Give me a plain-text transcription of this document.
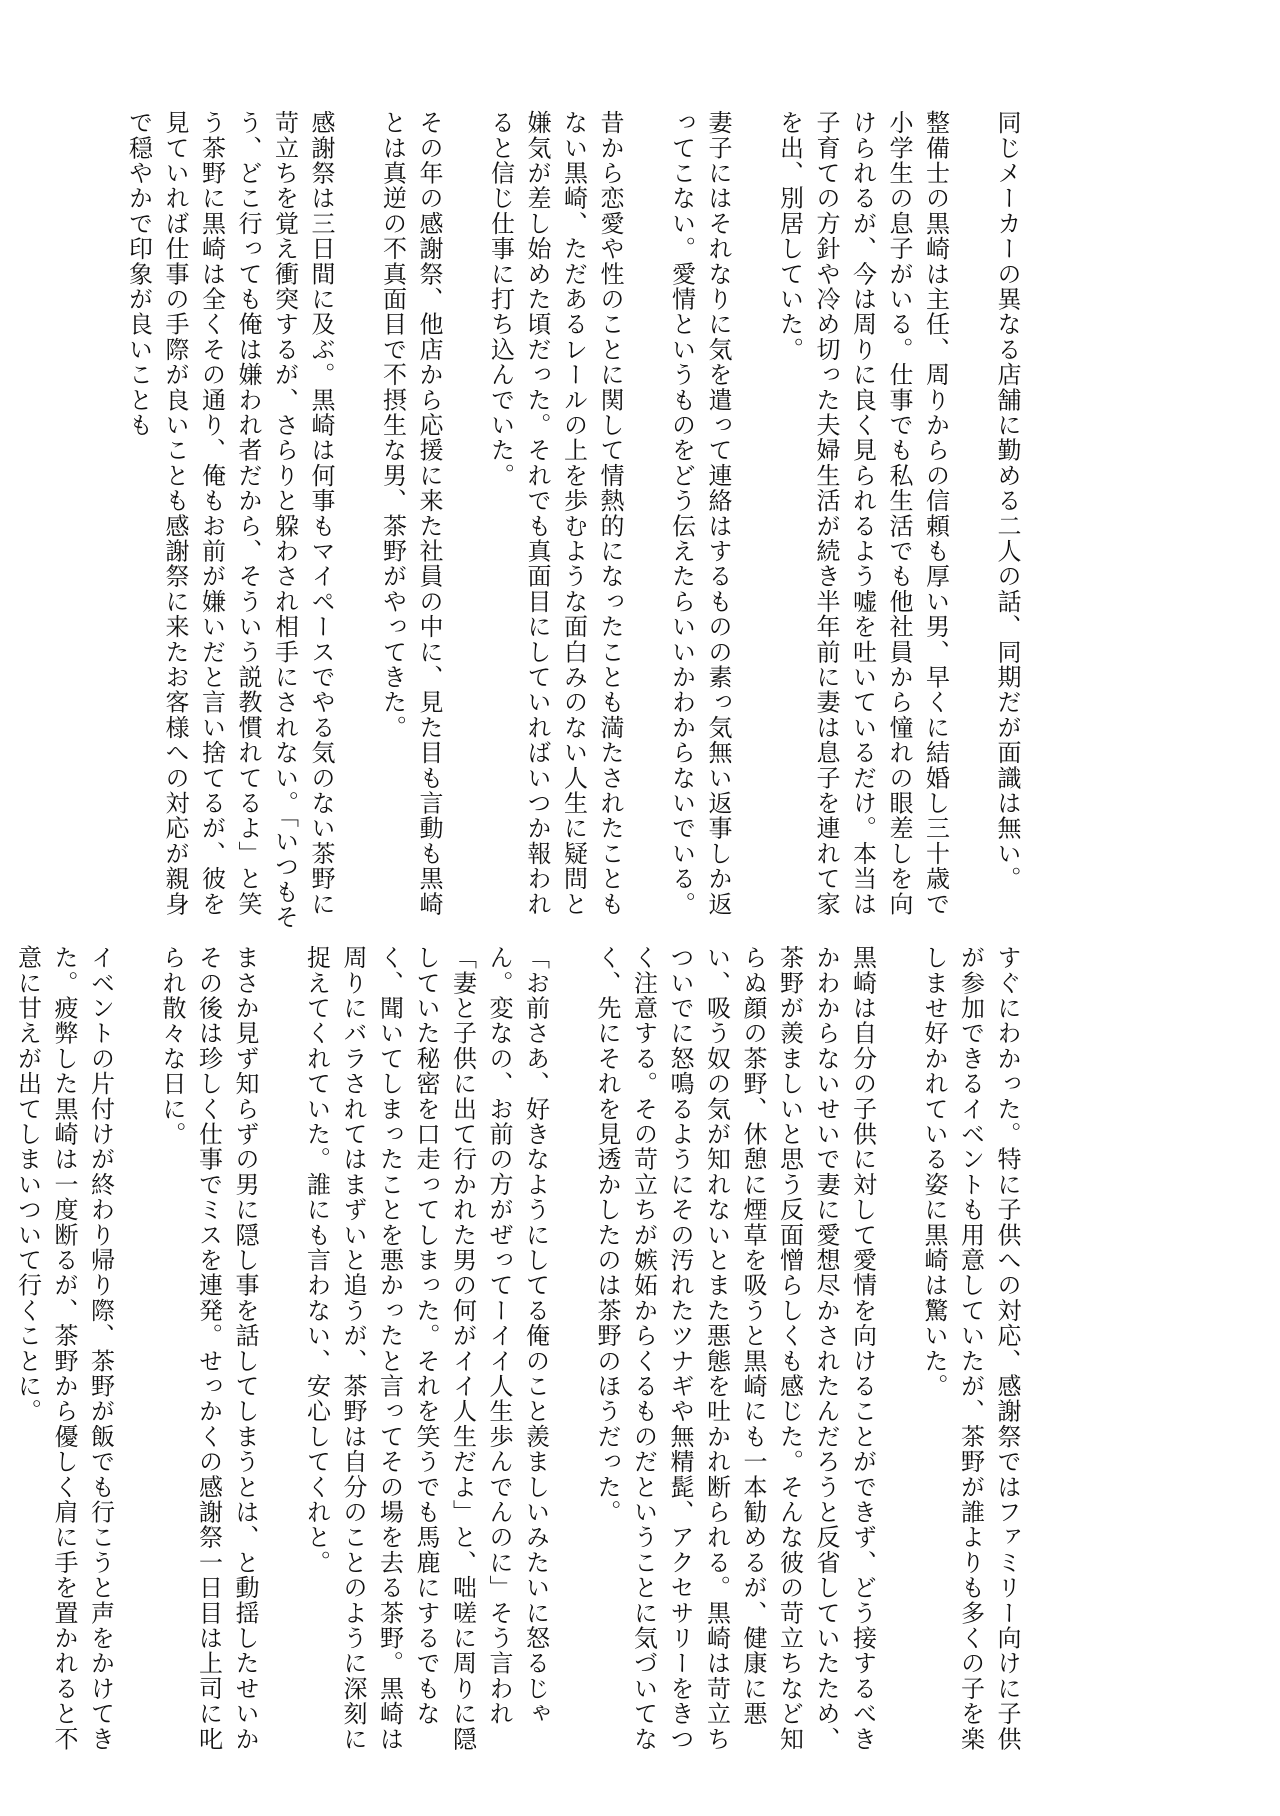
同じメーカーの異なる店舗に勤める二人の話、同期だが面識は無い。
整備士の黒崎は主任、周りからの信頼も厚い男、早くに結婚し三十歳で小学生の息子がいる。仕事でも私生活でも他社員から憧れの眼差しを向けられるが、今は周りに良く見られるよう嘘を吐いているだけ。本当は子育ての方針や冷め切った夫婦生活が続き半年前に妻は息子を連れて家を出、別居していた。
妻子にはそれなりに気を遣って連絡はするものの素っ気無い返事しか返ってこない。愛情というものをどう伝えたらいいかわからないでいる。
昔から恋愛や性のことに関して情熱的になったことも満たされたこともない黒崎、ただあるレールの上を歩むような面白みのない人生に疑問と嫌気が差し始めた頃だった。それでも真面目にしていればいつか報われると信じ仕事に打ち込んでいた。
その年の感謝祭、他店から応援に来た社員の中に、見た目も言動も黒崎とは真逆の不真面目で不摂生な男、茶野がやってきた。
感謝祭は三日間に及ぶ。黒崎は何事もマイペースでやる気のない茶野に苛立ちを覚え衝突するが、さらりと躱わされ相手にされない。「いつもそう、どこ行っても俺は嫌われ者だから、そういう説教慣れてるよ」と笑う茶野に黒崎は全くその通り、俺もお前が嫌いだと言い捨てるが、彼を見ていれば仕事の手際が良いことも感謝祭に来たお客様への対応が親身で穏やかで印象が良いことも
すぐにわかった。特に子供への対応、感謝祭ではファミリー向けに子供が参加できるイベントも用意していたが、茶野が誰よりも多くの子を楽しませ好かれている姿に黒崎は驚いた。
黒崎は自分の子供に対して愛情を向けることができず、どう接するべきかわからないせいで妻に愛想尽かされたんだろうと反省していたため、茶野が羨ましいと思う反面憎らしくも感じた。そんな彼の苛立ちなど知らぬ顔の茶野、休憩に煙草を吸うと黒崎にも一本勧めるが、健康に悪い、吸う奴の気が知れないとまた悪態を吐かれ断られる。黒崎は苛立ちついでに怒鳴るようにその汚れたツナギや無精髭、アクセサリーをきつく注意する。その苛立ちが嫉妬からくるものだということに気づいてなく、先にそれを見透かしたのは茶野のほうだった。
「お前さあ、好きなようにしてる俺のこと羨ましいみたいに怒るじゃん。変なの、お前の方がぜってーイイ人生歩んでんのに」そう言われ「妻と子供に出て行かれた男の何がイイ人生だよ」と、咄嗟に周りに隠していた秘密を口走ってしまった。それを笑うでも馬鹿にするでもなく、聞いてしまったことを悪かったと言ってその場を去る茶野。黒崎は周りにバラされてはまずいと追うが、茶野は自分のことのように深刻に捉えてくれていた。誰にも言わない、安心してくれと。
まさか見ず知らずの男に隠し事を話してしまうとは、と動揺したせいかその後は珍しく仕事でミスを連発。せっかくの感謝祭一日目は上司に叱られ散々な日に。
イベントの片付けが終わり帰り際、茶野が飯でも行こうと声をかけてきた。疲弊した黒崎は一度断るが、茶野から優しく肩に手を置かれると不意に甘えが出てしまいついて行くことに。
